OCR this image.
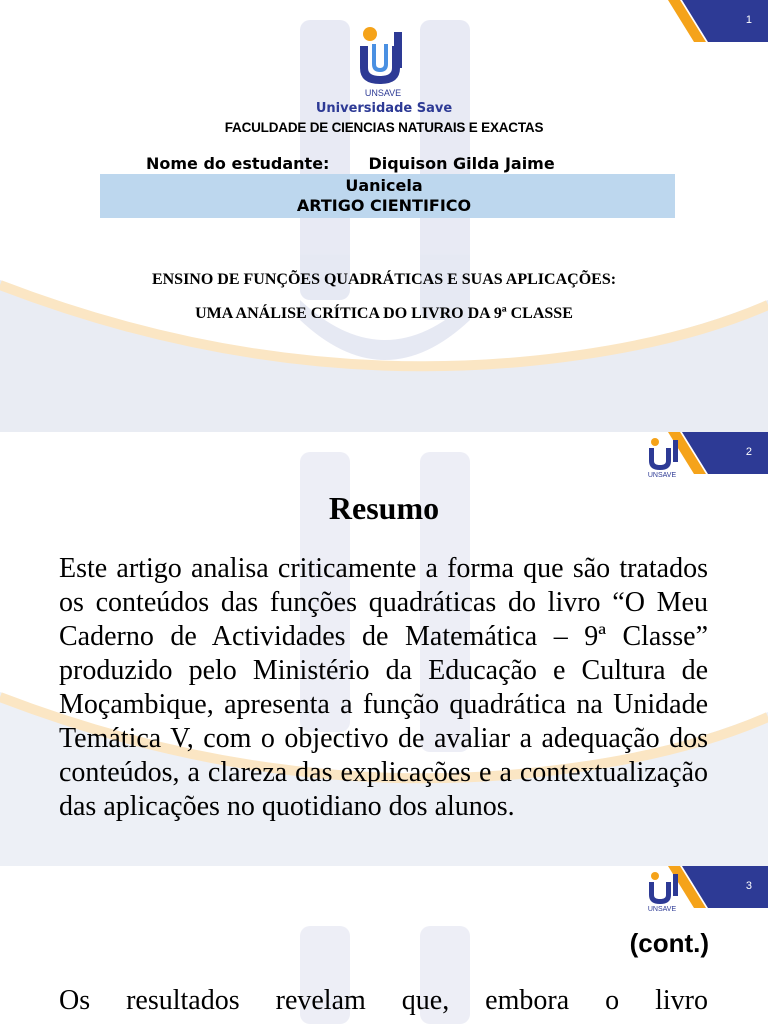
1
UNSAVE
Universidade Save
FACULDADE DE CIENCIAS NATURAIS E EXACTAS
Nome do estudante: Diquison Gilda Jaime
Uanicela
ARTIGO CIENTIFICO
ENSINO DE FUNÇÕES QUADRÁTICAS E SUAS APLICAÇÕES:
UMA ANÁLISE CRÍTICA DO LIVRO DA 9ª CLASSE
2
UNSAVE
Resumo

Este artigo analisa criticamente a forma que são tratados os conteúdos das funções quadráticas do livro “O Meu Caderno de Actividades de Matemática – 9ª Classe” produzido pelo Ministério da Educação e Cultura de Moçambique, apresenta a função quadrática na Unidade Temática V, com o objectivo de avaliar a adequação dos conteúdos, a clareza das explicações e a contextualização das aplicações no quotidiano dos alunos.

3
UNSAVE
(cont.)

Os resultados revelam que, embora o livro
